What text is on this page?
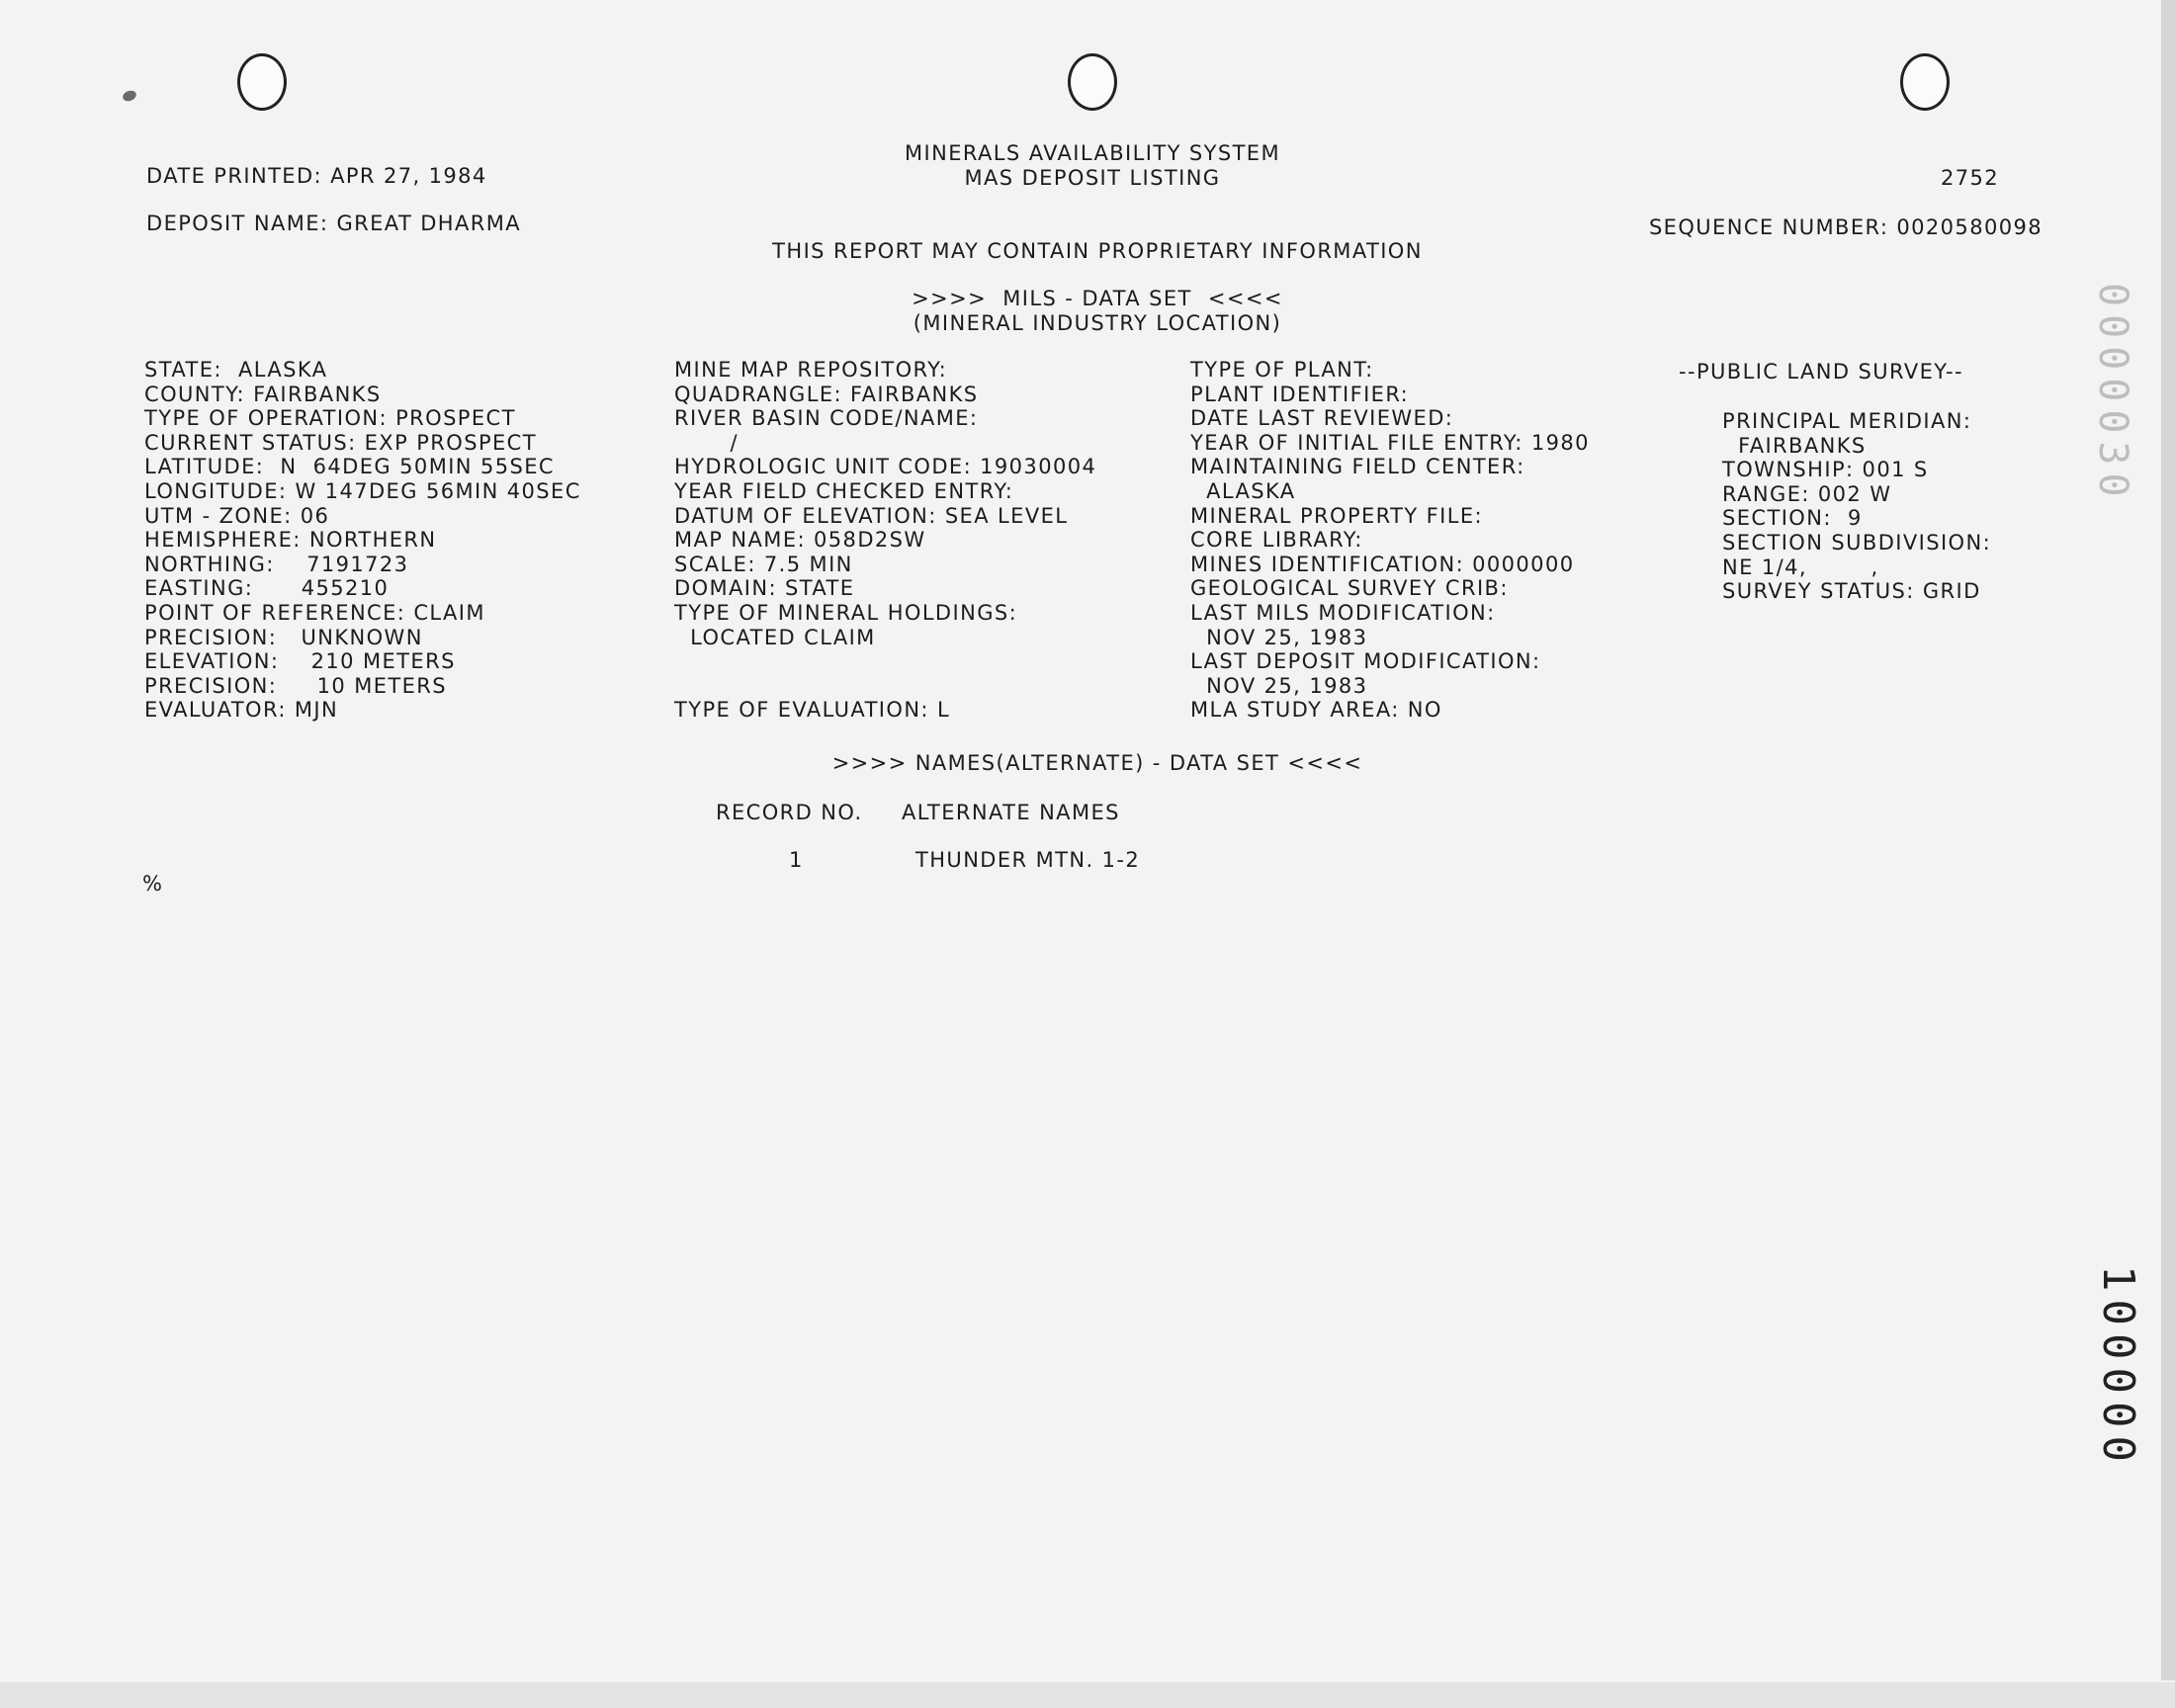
DATE PRINTED: APR 27, 1984
MINERALS AVAILABILITY SYSTEM
MAS DEPOSIT LISTING	2752
DEPOSIT NAME: GREAT DHARMA	SEQUENCE NUMBER: 0020580098
THIS REPORT MAY CONTAIN PROPRIETARY INFORMATION
>>>>  MILS - DATA SET  <<<<
(MINERAL INDUSTRY LOCATION)
STATE:  ALASKA
COUNTY: FAIRBANKS
TYPE OF OPERATION: PROSPECT
CURRENT STATUS: EXP PROSPECT
LATITUDE:  N  64DEG 50MIN 55SEC
LONGITUDE: W 147DEG 56MIN 40SEC
UTM - ZONE: 06
HEMISPHERE: NORTHERN
NORTHING:    7191723
EASTING:      455210
POINT OF REFERENCE: CLAIM
PRECISION:   UNKNOWN
ELEVATION:    210 METERS
PRECISION:     10 METERS
EVALUATOR: MJN
MINE MAP REPOSITORY:
QUADRANGLE: FAIRBANKS
RIVER BASIN CODE/NAME:
/
HYDROLOGIC UNIT CODE: 19030004
YEAR FIELD CHECKED ENTRY:
DATUM OF ELEVATION: SEA LEVEL
MAP NAME: 058D2SW
SCALE: 7.5 MIN
DOMAIN: STATE
TYPE OF MINERAL HOLDINGS:
LOCATED CLAIM
TYPE OF EVALUATION: L
TYPE OF PLANT:
PLANT IDENTIFIER:
DATE LAST REVIEWED:
YEAR OF INITIAL FILE ENTRY: 1980
MAINTAINING FIELD CENTER:
ALASKA
MINERAL PROPERTY FILE:
CORE LIBRARY:
MINES IDENTIFICATION: 0000000
GEOLOGICAL SURVEY CRIB:
LAST MILS MODIFICATION:
NOV 25, 1983
LAST DEPOSIT MODIFICATION:
NOV 25, 1983
MLA STUDY AREA: NO
--PUBLIC LAND SURVEY--
PRINCIPAL MERIDIAN:
FAIRBANKS
TOWNSHIP: 001 S
RANGE: 002 W
SECTION:  9
SECTION SUBDIVISION:
NE 1/4,        ,
SURVEY STATUS: GRID
>>>> NAMES(ALTERNATE) - DATA SET <<<<
RECORD NO. ALTERNATE NAMES
1	THUNDER MTN. 1-2
%
100000
0000030
